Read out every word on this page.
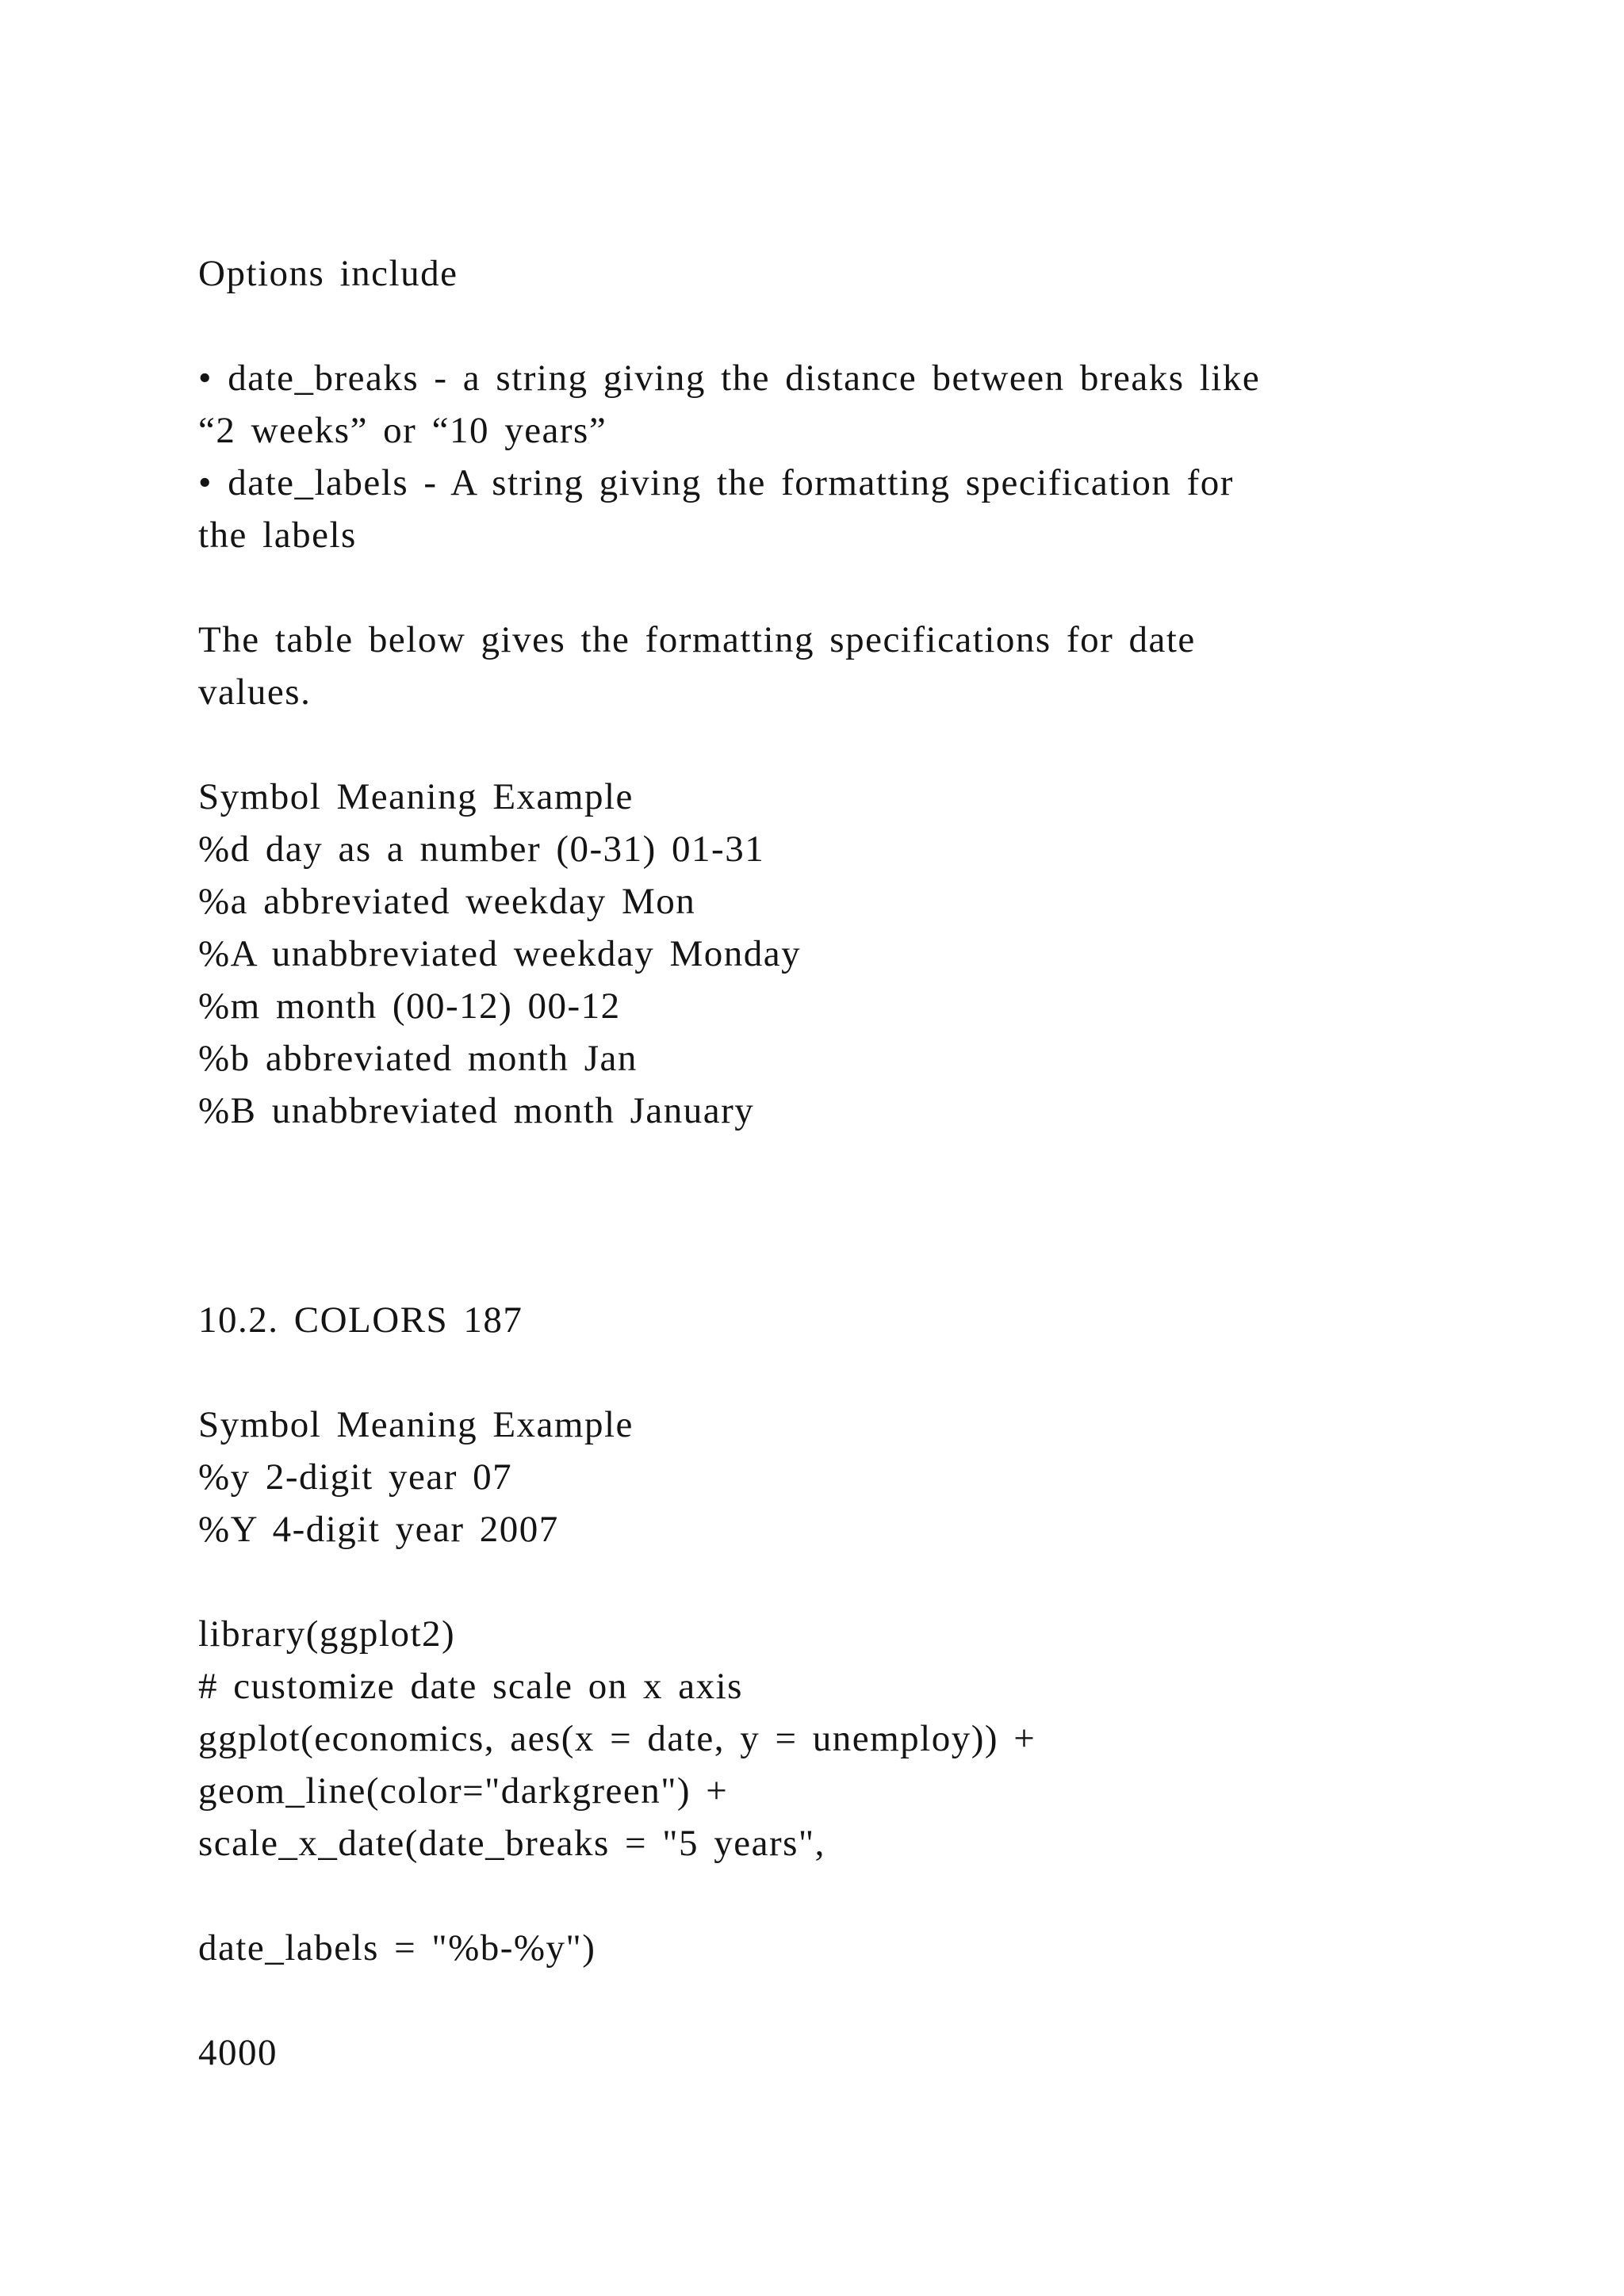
Options include

• date_breaks - a string giving the distance between breaks like

“2 weeks” or “10 years”

• date_labels - A string giving the formatting specification for

the labels

The table below gives the formatting specifications for date

values.

Symbol Meaning Example

%d day as a number (0-31) 01-31

%a abbreviated weekday Mon

%A unabbreviated weekday Monday

%m month (00-12) 00-12

%b abbreviated month Jan

%B unabbreviated month January

10.2. COLORS 187

Symbol Meaning Example

%y 2-digit year 07

%Y 4-digit year 2007

library(ggplot2)

# customize date scale on x axis

ggplot(economics, aes(x = date, y = unemploy)) +

geom_line(color="darkgreen") +

scale_x_date(date_breaks = "5 years",

date_labels = "%b-%y")

4000
